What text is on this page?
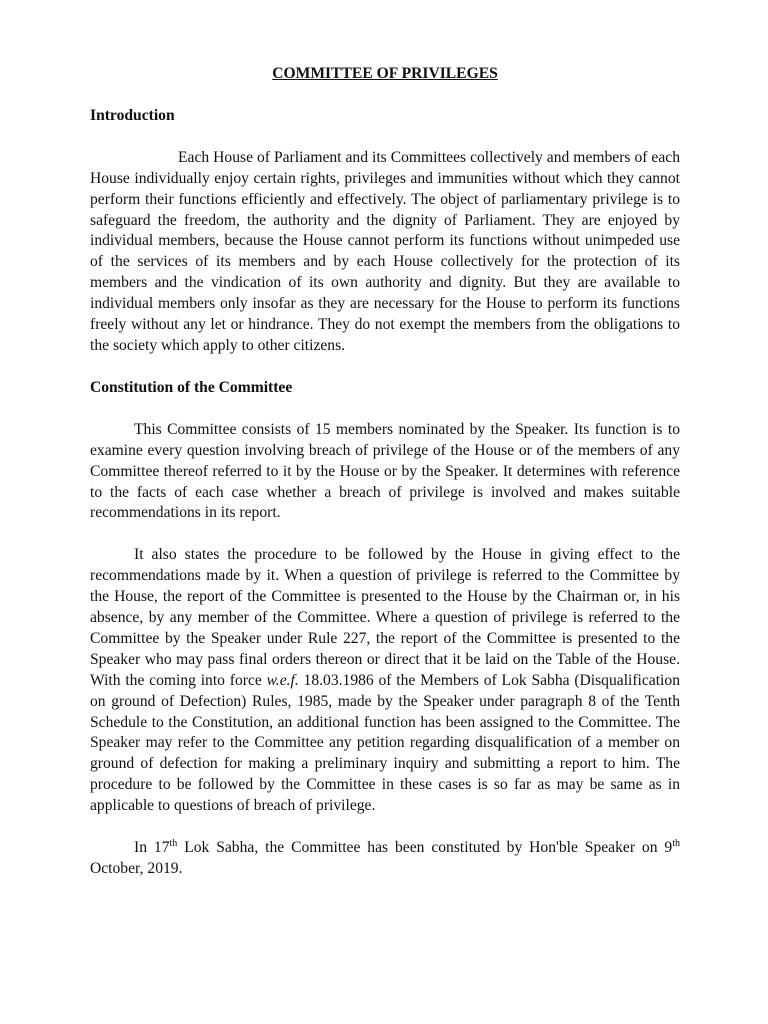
COMMITTEE OF PRIVILEGES
Introduction

Each House of Parliament and its Committees collectively and members of each House individually enjoy certain rights, privileges and immunities without which they cannot perform their functions efficiently and effectively. The object of parliamentary privilege is to safeguard the freedom, the authority and the dignity of Parliament. They are enjoyed by individual members, because the House cannot perform its functions without unimpeded use of the services of its members and by each House collectively for the protection of its members and the vindication of its own authority and dignity. But they are available to individual members only insofar as they are necessary for the House to perform its functions freely without any let or hindrance. They do not exempt the members from the obligations to the society which apply to other citizens.

Constitution of the Committee

This Committee consists of 15 members nominated by the Speaker. Its function is to examine every question involving breach of privilege of the House or of the members of any Committee thereof referred to it by the House or by the Speaker. It determines with reference to the facts of each case whether a breach of privilege is involved and makes suitable recommendations in its report.

It also states the procedure to be followed by the House in giving effect to the recommendations made by it. When a question of privilege is referred to the Committee by the House, the report of the Committee is presented to the House by the Chairman or, in his absence, by any member of the Committee. Where a question of privilege is referred to the Committee by the Speaker under Rule 227, the report of the Committee is presented to the Speaker who may pass final orders thereon or direct that it be laid on the Table of the House. With the coming into force w.e.f. 18.03.1986 of the Members of Lok Sabha (Disqualification on ground of Defection) Rules, 1985, made by the Speaker under paragraph 8 of the Tenth Schedule to the Constitution, an additional function has been assigned to the Committee. The Speaker may refer to the Committee any petition regarding disqualification of a member on ground of defection for making a preliminary inquiry and submitting a report to him. The procedure to be followed by the Committee in these cases is so far as may be same as in applicable to questions of breach of privilege.

In 17th Lok Sabha, the Committee has been constituted by Hon'ble Speaker on 9th October, 2019.
